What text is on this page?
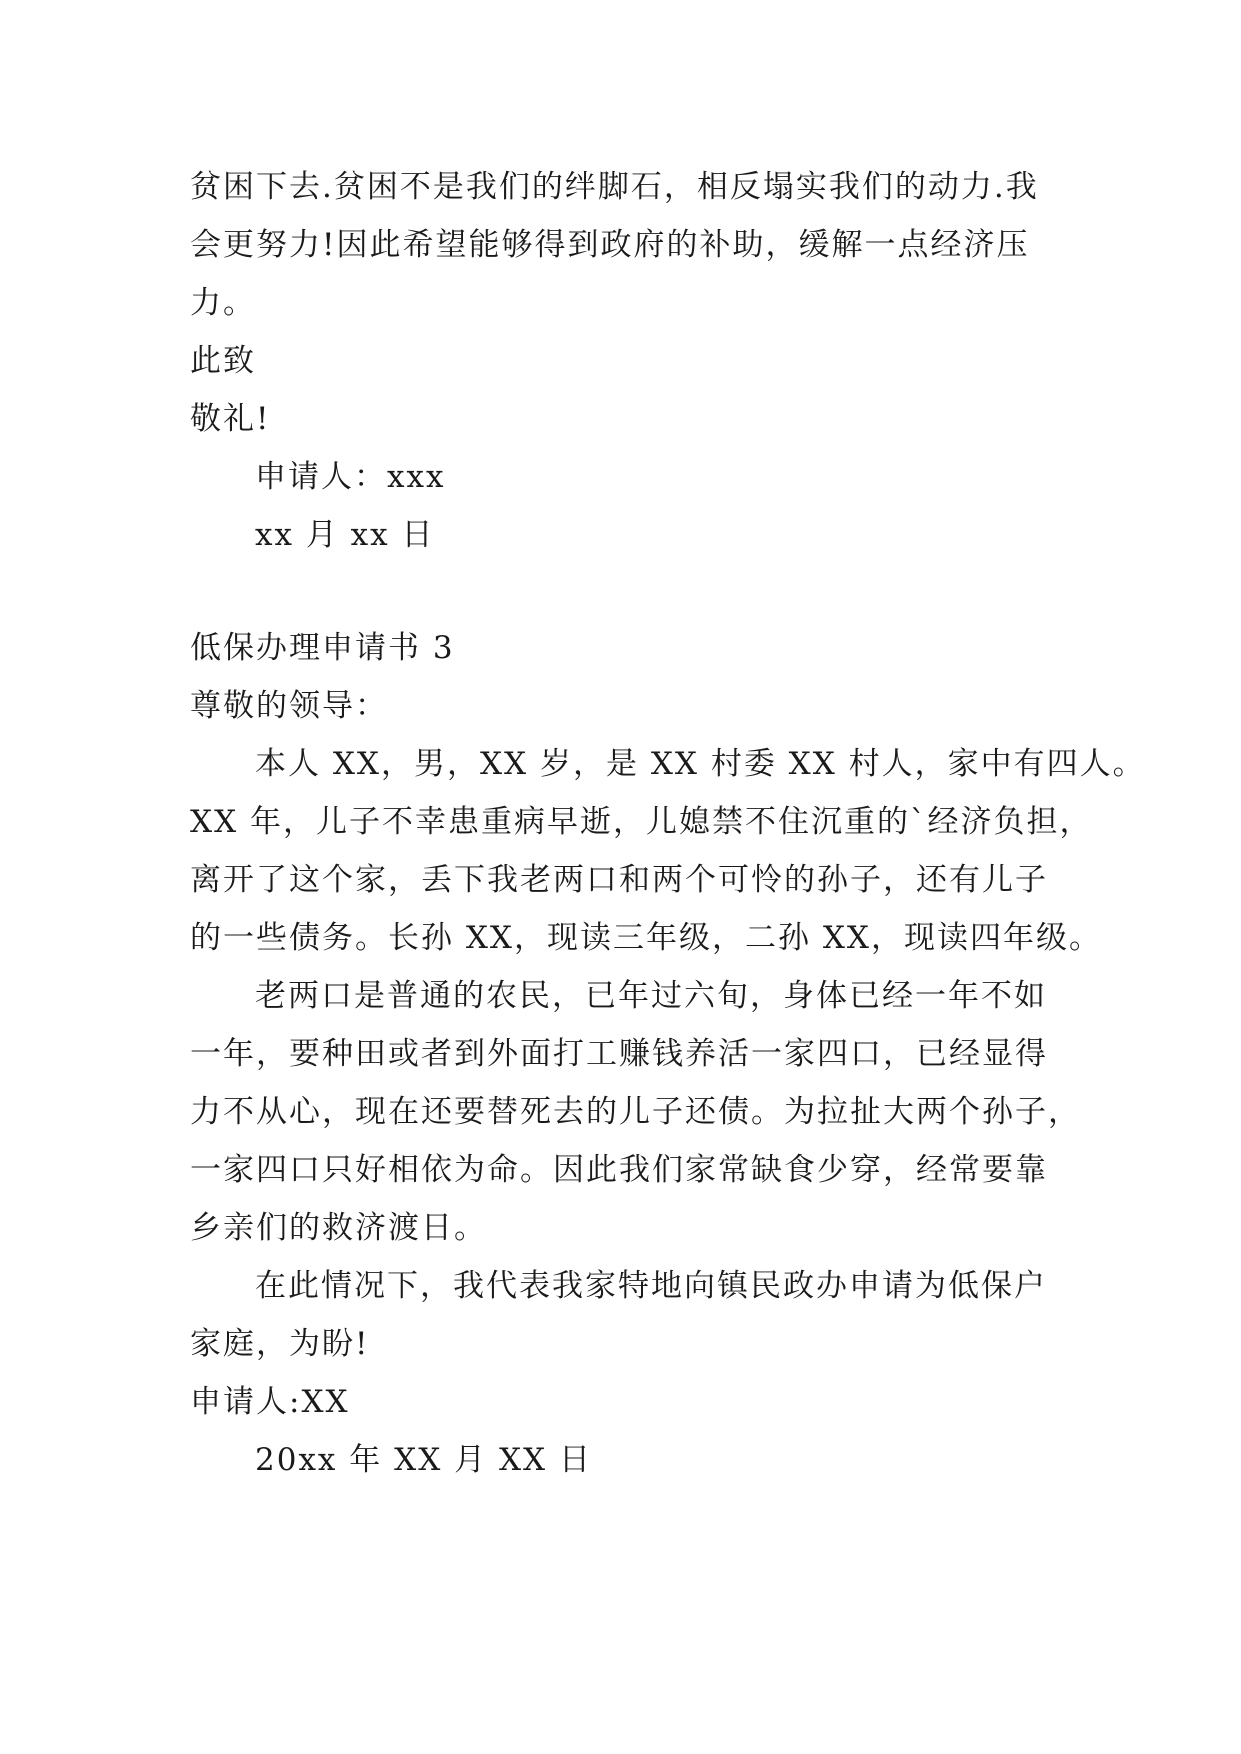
贫困下去.贫困不是我们的绊脚石，相反塌实我们的动力.我
会更努力!因此希望能够得到政府的补助，缓解一点经济压
力。
此致
敬礼!
申请人：xxx
xx 月 xx 日
低保办理申请书 3
尊敬的领导：
本人 XX，男，XX 岁，是 XX 村委 XX 村人，家中有四人。
XX 年，儿子不幸患重病早逝，儿媳禁不住沉重的`经济负担，
离开了这个家，丢下我老两口和两个可怜的孙子，还有儿子
的一些债务。长孙 XX，现读三年级，二孙 XX，现读四年级。
老两口是普通的农民，已年过六旬，身体已经一年不如
一年，要种田或者到外面打工赚钱养活一家四口，已经显得
力不从心，现在还要替死去的儿子还债。为拉扯大两个孙子，
一家四口只好相依为命。因此我们家常缺食少穿，经常要靠
乡亲们的救济渡日。
在此情况下，我代表我家特地向镇民政办申请为低保户
家庭，为盼!
申请人:XX
20xx 年 XX 月 XX 日
